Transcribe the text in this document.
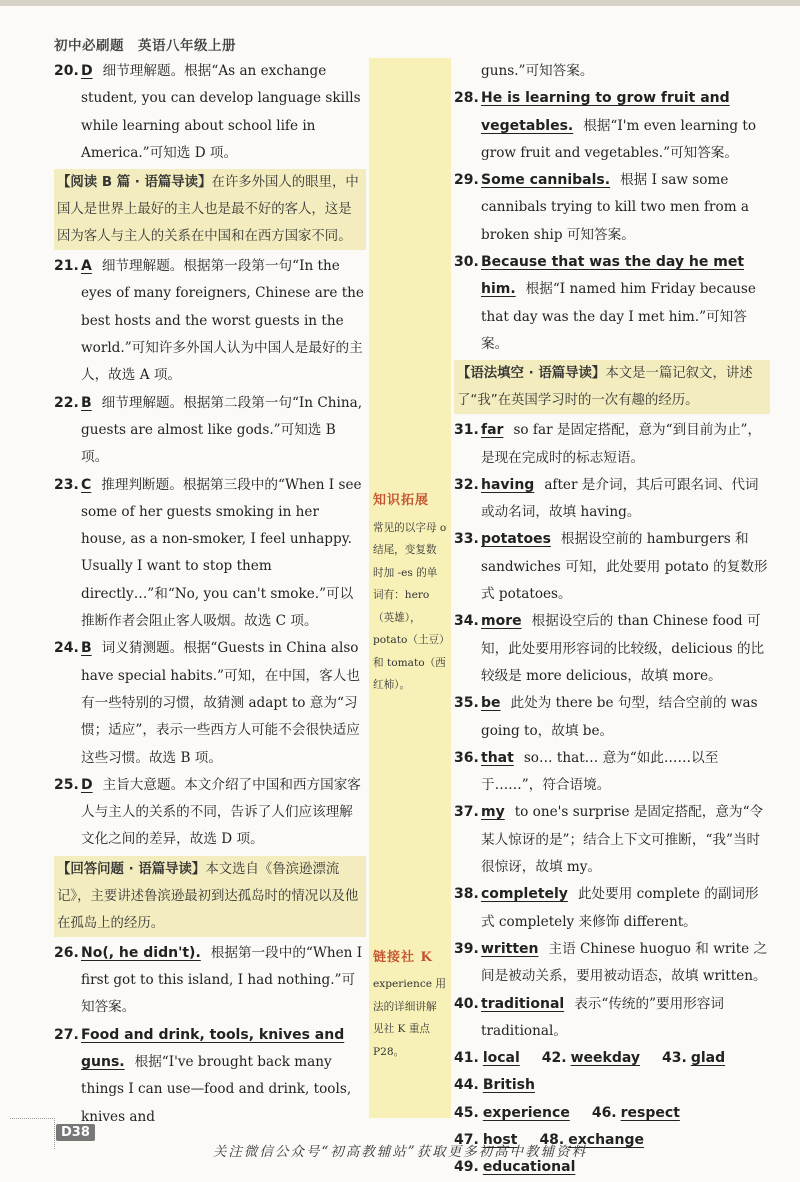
初中必刷题　英语八年级上册
20. D 细节理解题。根据“As an exchange student, you can develop language skills while learning about school life in America.”可知选 D 项。

【阅读 B 篇 · 语篇导读】在许多外国人的眼里，中国人是世界上最好的主人也是最不好的客人，这是因为客人与主人的关系在中国和在西方国家不同。
21. A 细节理解题。根据第一段第一句“In the eyes of many foreigners, Chinese are the best hosts and the worst guests in the world.”可知许多外国人认为中国人是最好的主人，故选 A 项。

22. B 细节理解题。根据第二段第一句“In China, guests are almost like gods.”可知选 B 项。

23. C 推理判断题。根据第三段中的“When I see some of her guests smoking in her house, as a non-smoker, I feel unhappy. Usually I want to stop them directly…”和“No, you can't smoke.”可以推断作者会阻止客人吸烟。故选 C 项。

24. B 词义猜测题。根据“Guests in China also have special habits.”可知，在中国，客人也有一些特别的习惯，故猜测 adapt to 意为“习惯；适应”，表示一些西方人可能不会很快适应这些习惯。故选 B 项。

25. D 主旨大意题。本文介绍了中国和西方国家客人与主人的关系的不同，告诉了人们应该理解文化之间的差异，故选 D 项。

【回答问题 · 语篇导读】本文选自《鲁滨逊漂流记》，主要讲述鲁滨逊最初到达孤岛时的情况以及他在孤岛上的经历。
26. No(, he didn't). 根据第一段中的“When I first got to this island, I had nothing.”可知答案。

27. Food and drink, tools, knives and guns. 根据“I've brought back many things I can use—food and drink, tools, knives and

知识拓展
常见的以字母 o 结尾，变复数时加 -es 的单词有：hero（英雄），potato（土豆）和 tomato（西红柿）。
链接社 K
experience 用法的详细讲解见社 K 重点 P28。
guns.”可知答案。
28. He is learning to grow fruit and vegetables. 根据“I'm even learning to grow fruit and vegetables.”可知答案。

29. Some cannibals. 根据 I saw some cannibals trying to kill two men from a broken ship 可知答案。

30. Because that was the day he met him. 根据“I named him Friday because that day was the day I met him.”可知答案。

【语法填空 · 语篇导读】本文是一篇记叙文，讲述了“我”在英国学习时的一次有趣的经历。
31. far so far 是固定搭配，意为“到目前为止”，是现在完成时的标志短语。

32. having after 是介词，其后可跟名词、代词或动名词，故填 having。

33. potatoes 根据设空前的 hamburgers 和 sandwiches 可知，此处要用 potato 的复数形式 potatoes。

34. more 根据设空后的 than Chinese food 可知，此处要用形容词的比较级，delicious 的比较级是 more delicious，故填 more。

35. be 此处为 there be 句型，结合空前的 was going to，故填 be。

36. that so… that… 意为“如此……以至于……”，符合语境。

37. my to one's surprise 是固定搭配，意为“令某人惊讶的是”；结合上下文可推断，“我”当时很惊讶，故填 my。

38. completely 此处要用 complete 的副词形式 completely 来修饰 different。

39. written 主语 Chinese huoguo 和 write 之间是被动关系，要用被动语态，故填 written。

40. traditional 表示“传统的”要用形容词 traditional。

41. local 42. weekday 43. glad
44. British
45. experience 46. respect
47. host 48. exchange49. educational
D38
关注微信公众号“初高教辅站”获取更多初高中教辅资料
